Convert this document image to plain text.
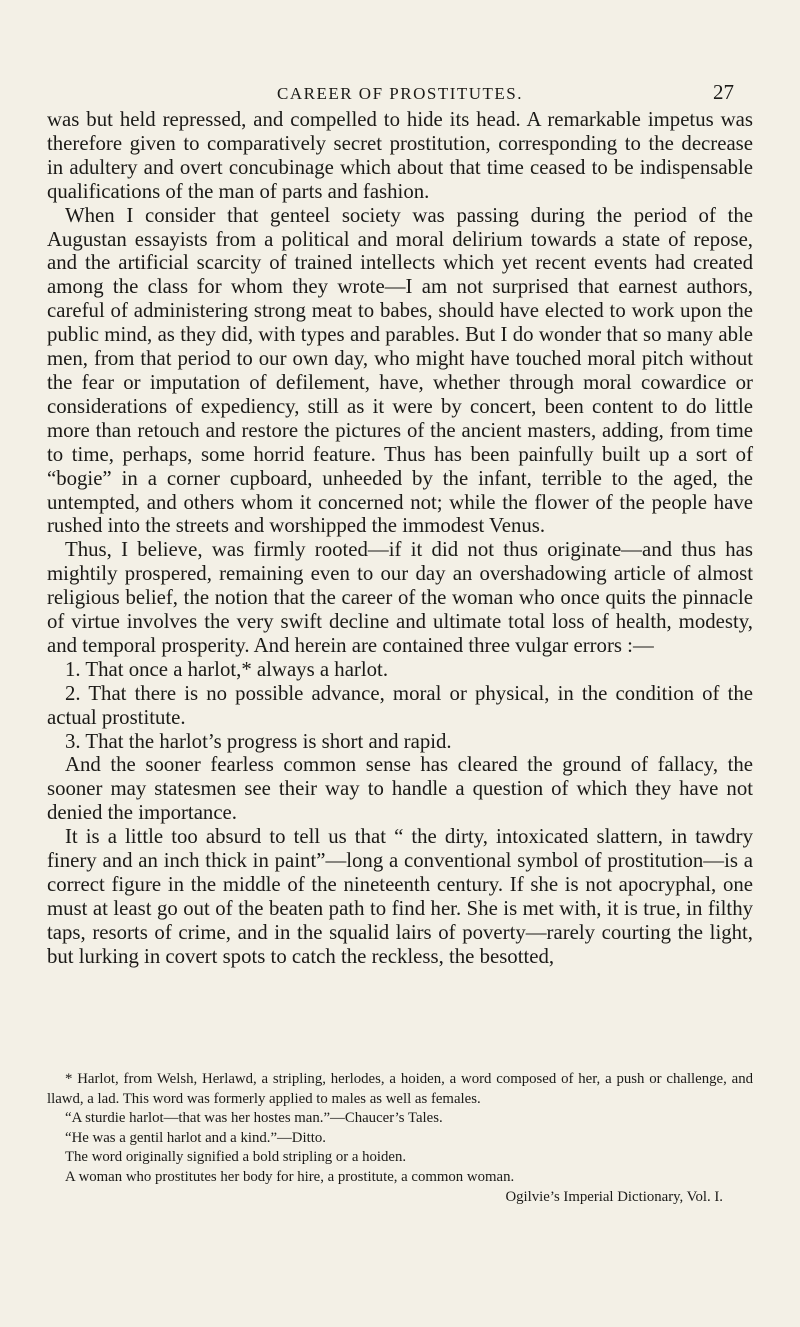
CAREER OF PROSTITUTES.	27

was but held repressed, and compelled to hide its head. A remarkable impetus was therefore given to comparatively secret prostitution, corresponding to the decrease in adultery and overt concubinage which about that time ceased to be indispensable qualifications of the man of parts and fashion.

When I consider that genteel society was passing during the period of the Augustan essayists from a political and moral delirium towards a state of repose, and the artificial scarcity of trained intellects which yet recent events had created among the class for whom they wrote—I am not surprised that earnest authors, careful of administering strong meat to babes, should have elected to work upon the public mind, as they did, with types and parables. But I do wonder that so many able men, from that period to our own day, who might have touched moral pitch without the fear or imputation of defilement, have, whether through moral cowardice or considerations of expediency, still as it were by concert, been content to do little more than retouch and restore the pictures of the ancient masters, adding, from time to time, perhaps, some horrid feature. Thus has been painfully built up a sort of “bogie” in a corner cupboard, unheeded by the infant, terrible to the aged, the untempted, and others whom it concerned not; while the flower of the people have rushed into the streets and worshipped the immodest Venus.

Thus, I believe, was firmly rooted—if it did not thus originate—and thus has mightily prospered, remaining even to our day an overshadowing article of almost religious belief, the notion that the career of the woman who once quits the pinnacle of virtue involves the very swift decline and ultimate total loss of health, modesty, and temporal prosperity. And herein are contained three vulgar errors :—

1. That once a harlot,* always a harlot.

2. That there is no possible advance, moral or physical, in the condition of the actual prostitute.

3. That the harlot’s progress is short and rapid.

And the sooner fearless common sense has cleared the ground of fallacy, the sooner may statesmen see their way to handle a question of which they have not denied the importance.

It is a little too absurd to tell us that “ the dirty, intoxicated slattern, in tawdry finery and an inch thick in paint”—long a conventional symbol of prostitution—is a correct figure in the middle of the nineteenth century. If she is not apocryphal, one must at least go out of the beaten path to find her. She is met with, it is true, in filthy taps, resorts of crime, and in the squalid lairs of poverty—rarely courting the light, but lurking in covert spots to catch the reckless, the besotted,

* Harlot, from Welsh, Herlawd, a stripling, herlodes, a hoiden, a word composed of her, a push or challenge, and llawd, a lad. This word was formerly applied to males as well as females.

“A sturdie harlot—that was her hostes man.”—Chaucer’s Tales.

“He was a gentil harlot and a kind.”—Ditto.

The word originally signified a bold stripling or a hoiden.

A woman who prostitutes her body for hire, a prostitute, a common woman.

Ogilvie’s Imperial Dictionary, Vol. I.
